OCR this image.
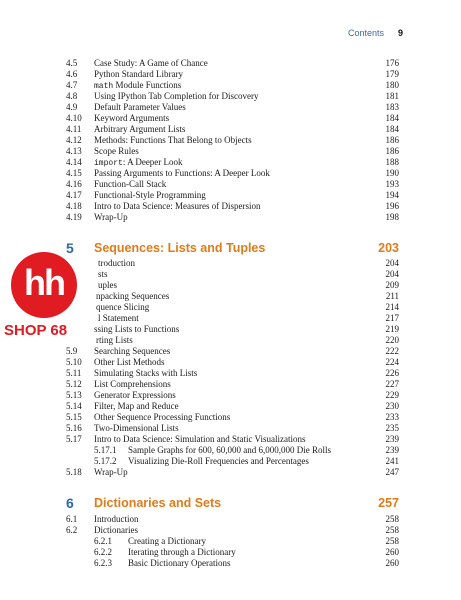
Contents 9
4.5 Case Study: A Game of Chance	176
4.6 Python Standard Library	179
4.7 math Module Functions	180
4.8 Using IPython Tab Completion for Discovery	181
4.9 Default Parameter Values	183
4.10 Keyword Arguments	184
4.11 Arbitrary Argument Lists	184
4.12 Methods: Functions That Belong to Objects	186
4.13 Scope Rules	186
4.14 import: A Deeper Look	188
4.15 Passing Arguments to Functions: A Deeper Look	190
4.16 Function-Call Stack	193
4.17 Functional-Style Programming	194
4.18 Intro to Data Science: Measures of Dispersion	196
4.19 Wrap-Up	198
5 Sequences: Lists and Tuples	203
troduction	204
sts	204
uples	209
npacking Sequences	211
quence Slicing	214
l Statement	217
ssing Lists to Functions	219
rting Lists	220
5.9 Searching Sequences	222
5.10 Other List Methods	224
5.11 Simulating Stacks with Lists	226
5.12 List Comprehensions	227
5.13 Generator Expressions	229
5.14 Filter, Map and Reduce	230
5.15 Other Sequence Processing Functions	233
5.16 Two-Dimensional Lists	235
5.17 Intro to Data Science: Simulation and Static Visualizations	239
5.17.1 Sample Graphs for 600, 60,000 and 6,000,000 Die Rolls	239
5.17.2 Visualizing Die-Roll Frequencies and Percentages	241
5.18 Wrap-Up	247
6 Dictionaries and Sets	257
6.1 Introduction	258
6.2 Dictionaries	258
6.2.1 Creating a Dictionary	258
6.2.2 Iterating through a Dictionary	260
6.2.3 Basic Dictionary Operations	260
hh
SHOP 68
